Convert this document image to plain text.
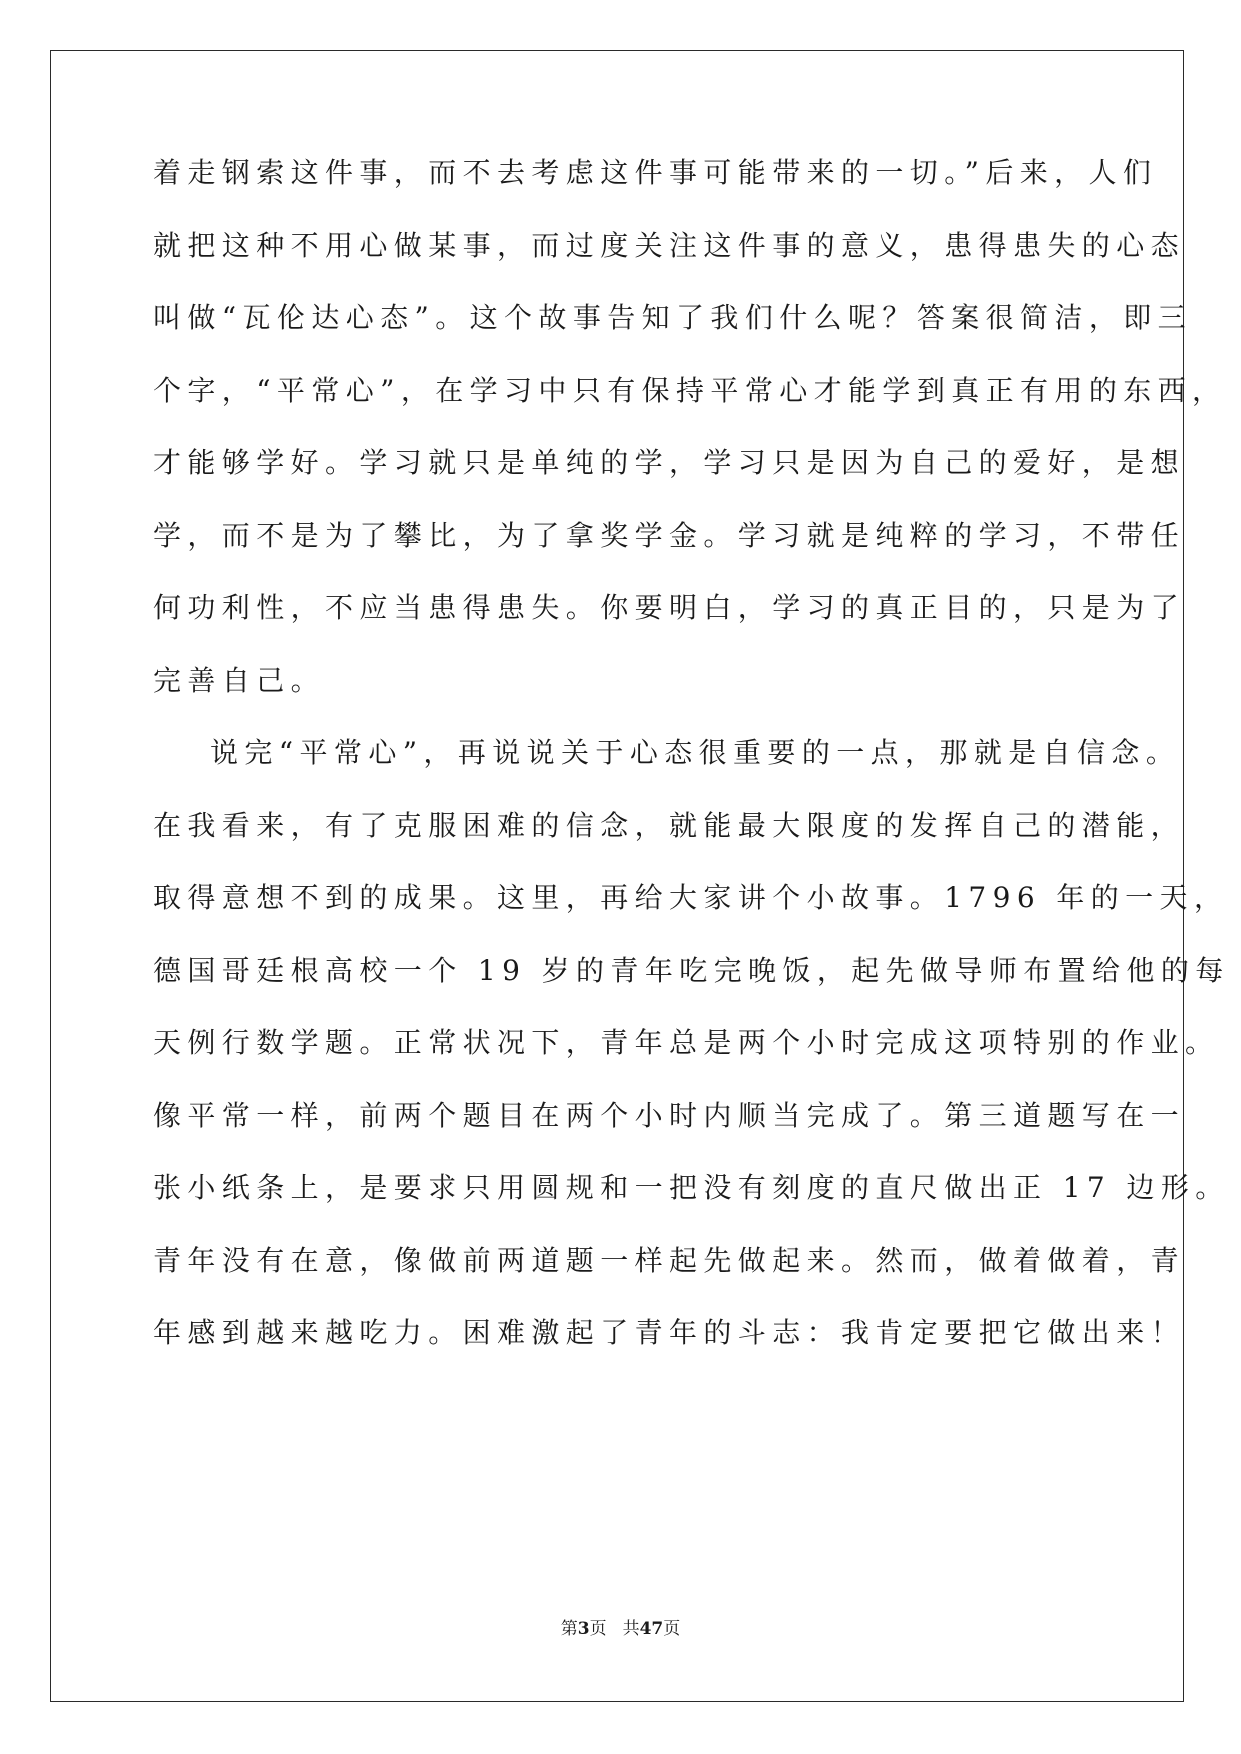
着走钢索这件事，而不去考虑这件事可能带来的一切。”后来，人们
就把这种不用心做某事，而过度关注这件事的意义，患得患失的心态
叫做“瓦伦达心态”。这个故事告知了我们什么呢？答案很简洁，即三
个字，“平常心”，在学习中只有保持平常心才能学到真正有用的东西，
才能够学好。学习就只是单纯的学，学习只是因为自己的爱好，是想
学，而不是为了攀比，为了拿奖学金。学习就是纯粹的学习，不带任
何功利性，不应当患得患失。你要明白，学习的真正目的，只是为了
完善自己。
说完“平常心”，再说说关于心态很重要的一点，那就是自信念。
在我看来，有了克服困难的信念，就能最大限度的发挥自己的潜能，
取得意想不到的成果。这里，再给大家讲个小故事。1796 年的一天，
德国哥廷根高校一个 19 岁的青年吃完晚饭，起先做导师布置给他的每
天例行数学题。正常状况下，青年总是两个小时完成这项特别的作业。
像平常一样，前两个题目在两个小时内顺当完成了。第三道题写在一
张小纸条上，是要求只用圆规和一把没有刻度的直尺做出正 17 边形。
青年没有在意，像做前两道题一样起先做起来。然而，做着做着，青
年感到越来越吃力。困难激起了青年的斗志：我肯定要把它做出来！
第3页 共47页
